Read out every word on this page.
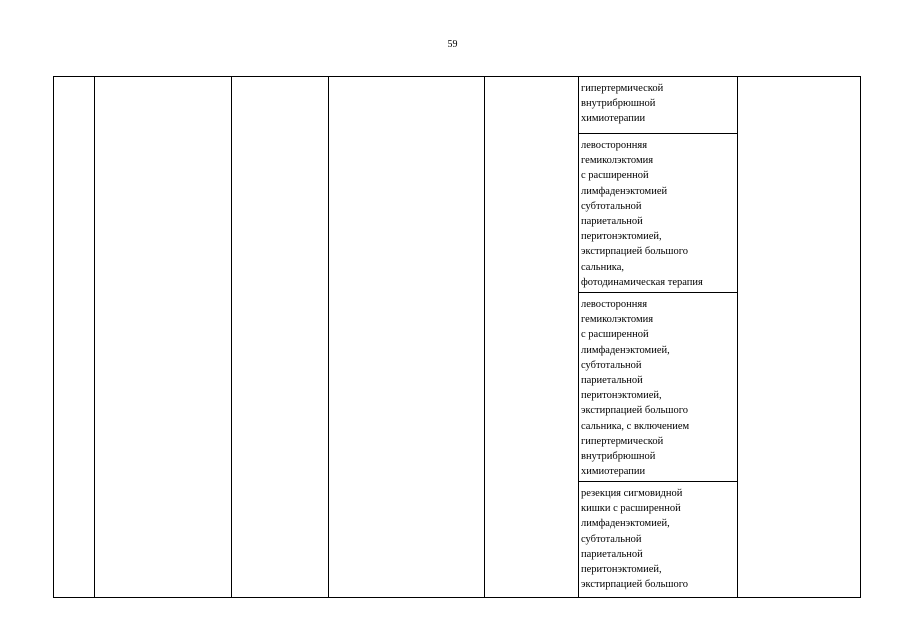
59
гипертермической
внутрибрюшной
химиотерапии
левосторонняя
гемиколэктомия
с расширенной
лимфаденэктомией
субтотальной
париетальной
перитонэктомией,
экстирпацией большого
сальника,
фотодинамическая терапия
левосторонняя
гемиколэктомия
с расширенной
лимфаденэктомией,
субтотальной
париетальной
перитонэктомией,
экстирпацией большого
сальника, с включением
гипертермической
внутрибрюшной
химиотерапии
резекция сигмовидной
кишки с расширенной
лимфаденэктомией,
субтотальной
париетальной
перитонэктомией,
экстирпацией большого
